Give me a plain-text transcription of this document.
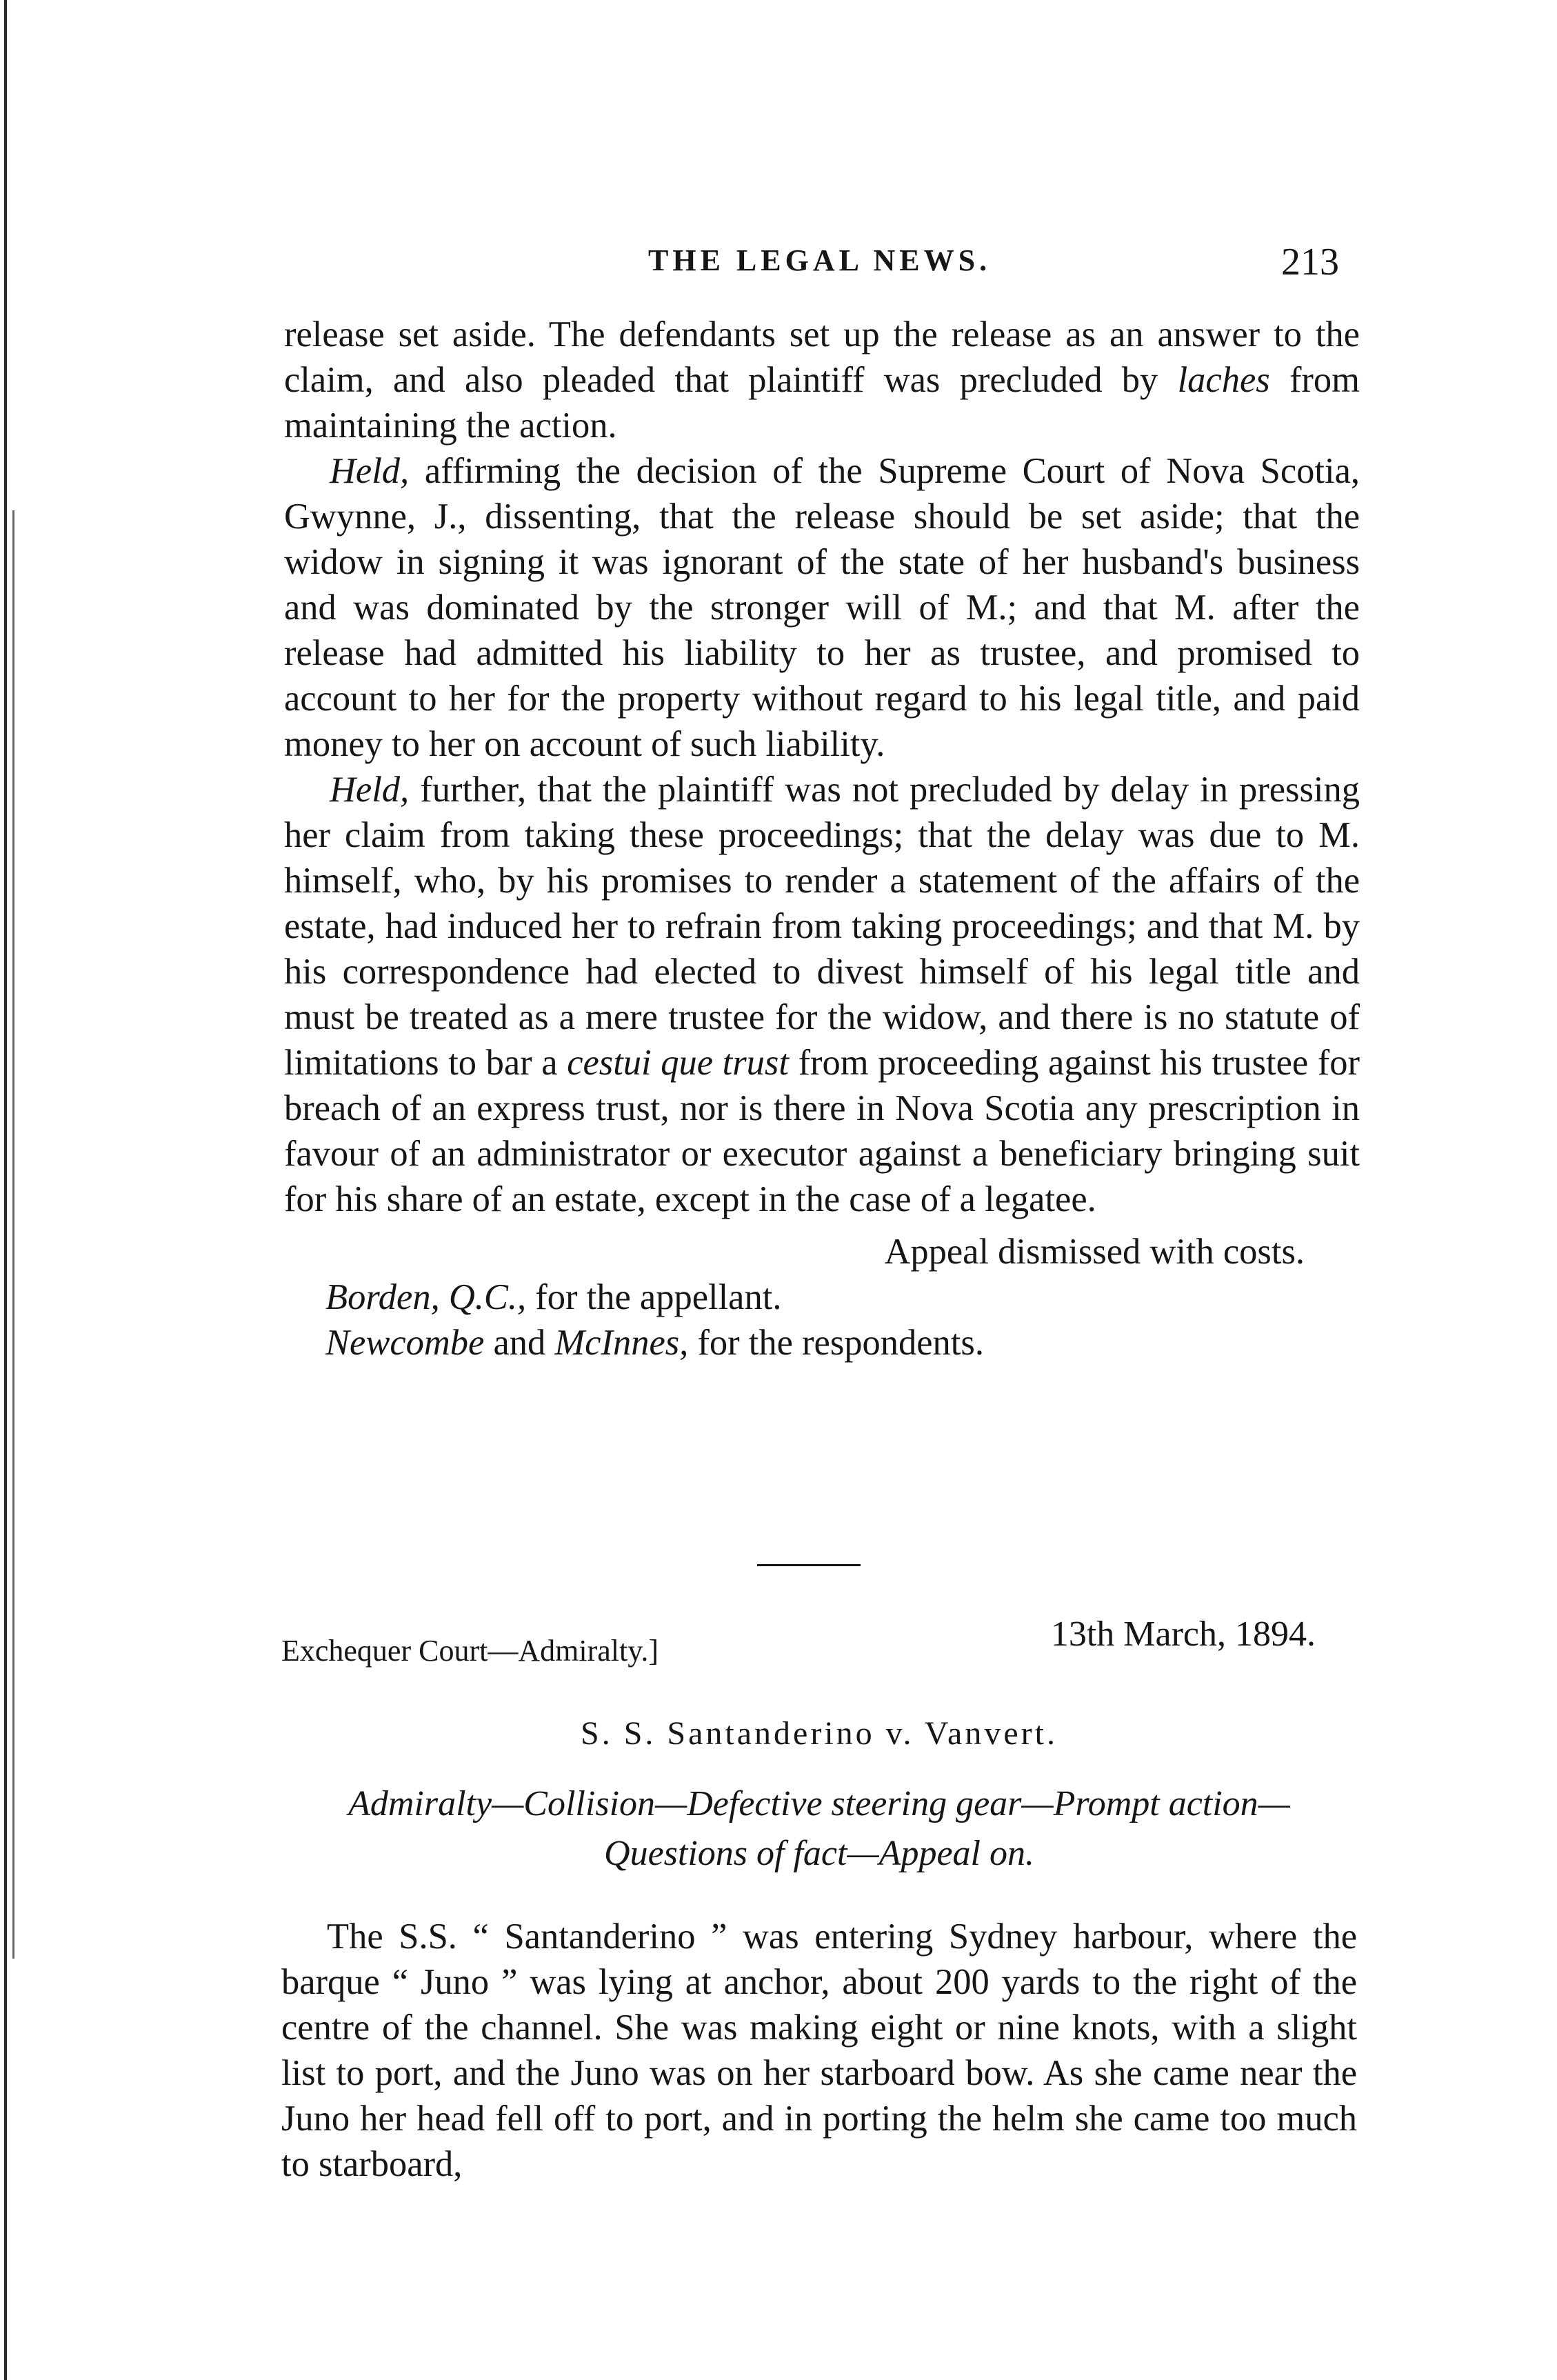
THE LEGAL NEWS.	213

release set aside. The defendants set up the release as an answer to the claim, and also pleaded that plaintiff was precluded by laches from maintaining the action.

Held, affirming the decision of the Supreme Court of Nova Scotia, Gwynne, J., dissenting, that the release should be set aside; that the widow in signing it was ignorant of the state of her husband's business and was dominated by the stronger will of M.; and that M. after the release had admitted his liability to her as trustee, and promised to account to her for the property without regard to his legal title, and paid money to her on account of such liability.

Held, further, that the plaintiff was not precluded by delay in pressing her claim from taking these proceedings; that the delay was due to M. himself, who, by his promises to render a statement of the affairs of the estate, had induced her to refrain from taking proceedings; and that M. by his correspondence had elected to divest himself of his legal title and must be treated as a mere trustee for the widow, and there is no statute of limitations to bar a cestui que trust from proceeding against his trustee for breach of an express trust, nor is there in Nova Scotia any prescription in favour of an administrator or executor against a beneficiary bringing suit for his share of an estate, except in the case of a legatee.

Appeal dismissed with costs.

Borden, Q.C., for the appellant.

Newcombe and McInnes, for the respondents.

Exchequer Court—Admiralty.]	13th March, 1894.
S. S. Santanderino v. Vanvert.
Admiralty—Collision—Defective steering gear—Prompt action—
Questions of fact—Appeal on.

The S.S. “ Santanderino ” was entering Sydney harbour, where the barque “ Juno ” was lying at anchor, about 200 yards to the right of the centre of the channel. She was making eight or nine knots, with a slight list to port, and the Juno was on her starboard bow. As she came near the Juno her head fell off to port, and in porting the helm she came too much to starboard,
